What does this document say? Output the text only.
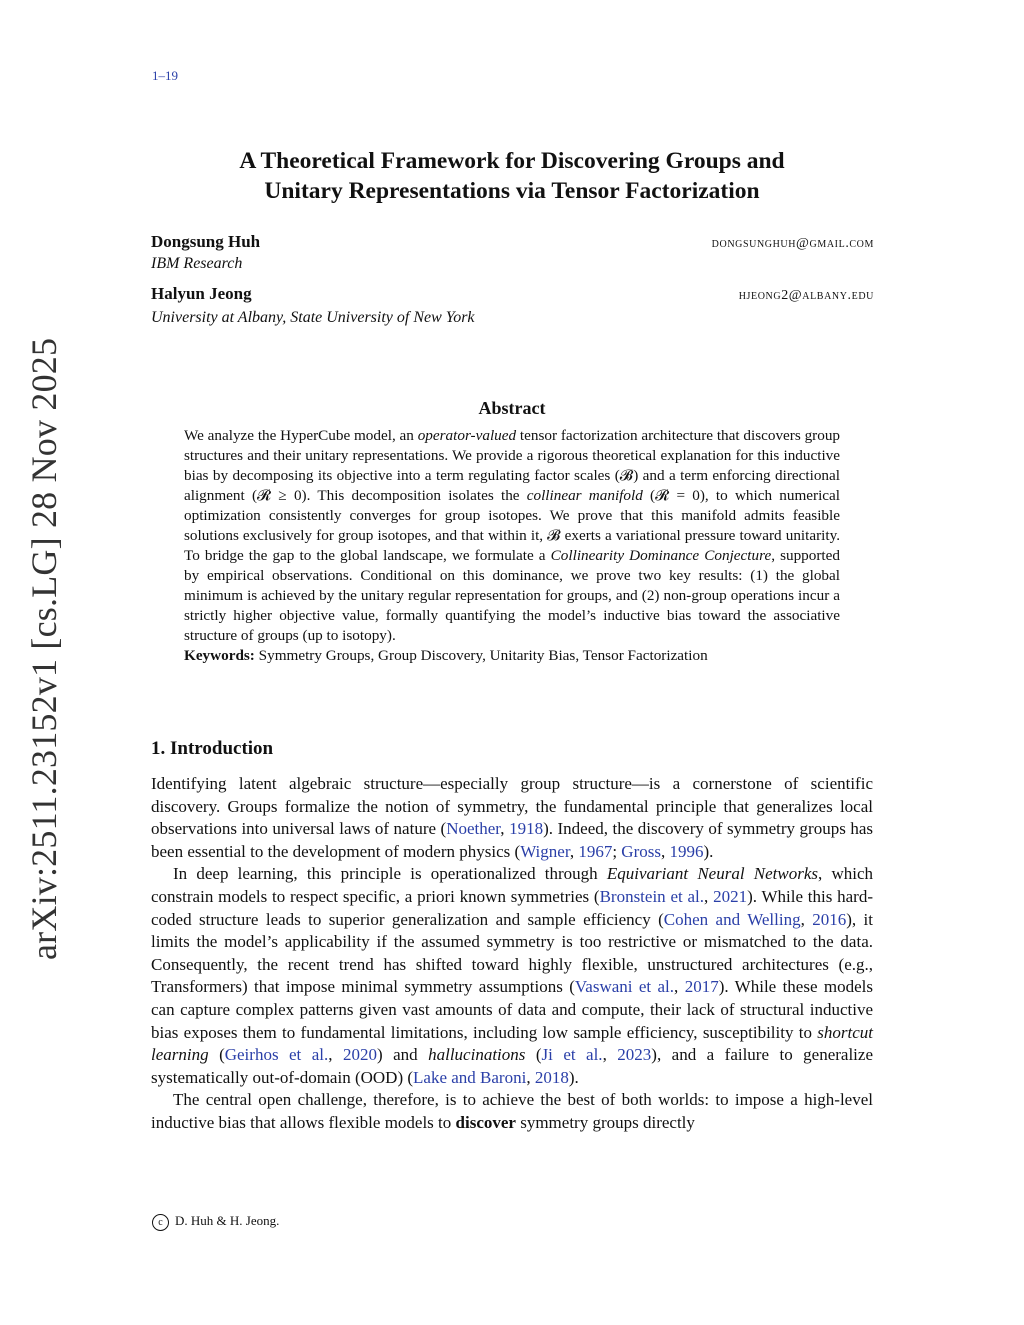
1–19
arXiv:2511.23152v1 [cs.LG] 28 Nov 2025
A Theoretical Framework for Discovering Groups and
Unitary Representations via Tensor Factorization
Dongsung Huh	dongsunghuh@gmail.com
IBM Research
Halyun Jeong	hjeong2@albany.edu
University at Albany, State University of New York
Abstract

We analyze the HyperCube model, an operator-valued tensor factorization architecture that discovers group structures and their unitary representations. We provide a rigorous theoretical explanation for this inductive bias by decomposing its objective into a term regulating factor scales (𝓑) and a term enforcing directional alignment (𝓡 ≥ 0). This decomposition isolates the collinear manifold (𝓡 = 0), to which numerical optimization consistently converges for group isotopes. We prove that this manifold admits feasible solutions exclusively for group isotopes, and that within it, 𝓑 exerts a variational pressure toward unitarity. To bridge the gap to the global landscape, we formulate a Collinearity Dominance Conjecture, supported by empirical observations. Conditional on this dominance, we prove two key results: (1) the global minimum is achieved by the unitary regular representation for groups, and (2) non-group operations incur a strictly higher objective value, formally quantifying the model’s inductive bias toward the associative structure of groups (up to isotopy).

Keywords: Symmetry Groups, Group Discovery, Unitarity Bias, Tensor Factorization

1. Introduction

Identifying latent algebraic structure—especially group structure—is a cornerstone of scientific discovery. Groups formalize the notion of symmetry, the fundamental principle that generalizes local observations into universal laws of nature (Noether, 1918). Indeed, the discovery of symmetry groups has been essential to the development of modern physics (Wigner, 1967; Gross, 1996).

In deep learning, this principle is operationalized through Equivariant Neural Networks, which constrain models to respect specific, a priori known symmetries (Bronstein et al., 2021). While this hard-coded structure leads to superior generalization and sample efficiency (Cohen and Welling, 2016), it limits the model’s applicability if the assumed symmetry is too restrictive or mismatched to the data. Consequently, the recent trend has shifted toward highly flexible, unstructured architectures (e.g., Transformers) that impose minimal symmetry assumptions (Vaswani et al., 2017). While these models can capture complex patterns given vast amounts of data and compute, their lack of structural inductive bias exposes them to fundamental limitations, including low sample efficiency, susceptibility to shortcut learning (Geirhos et al., 2020) and hallucinations (Ji et al., 2023), and a failure to generalize systematically out-of-domain (OOD) (Lake and Baroni, 2018).

The central open challenge, therefore, is to achieve the best of both worlds: to impose a high-level inductive bias that allows flexible models to discover symmetry groups directly

c D. Huh & H. Jeong.
